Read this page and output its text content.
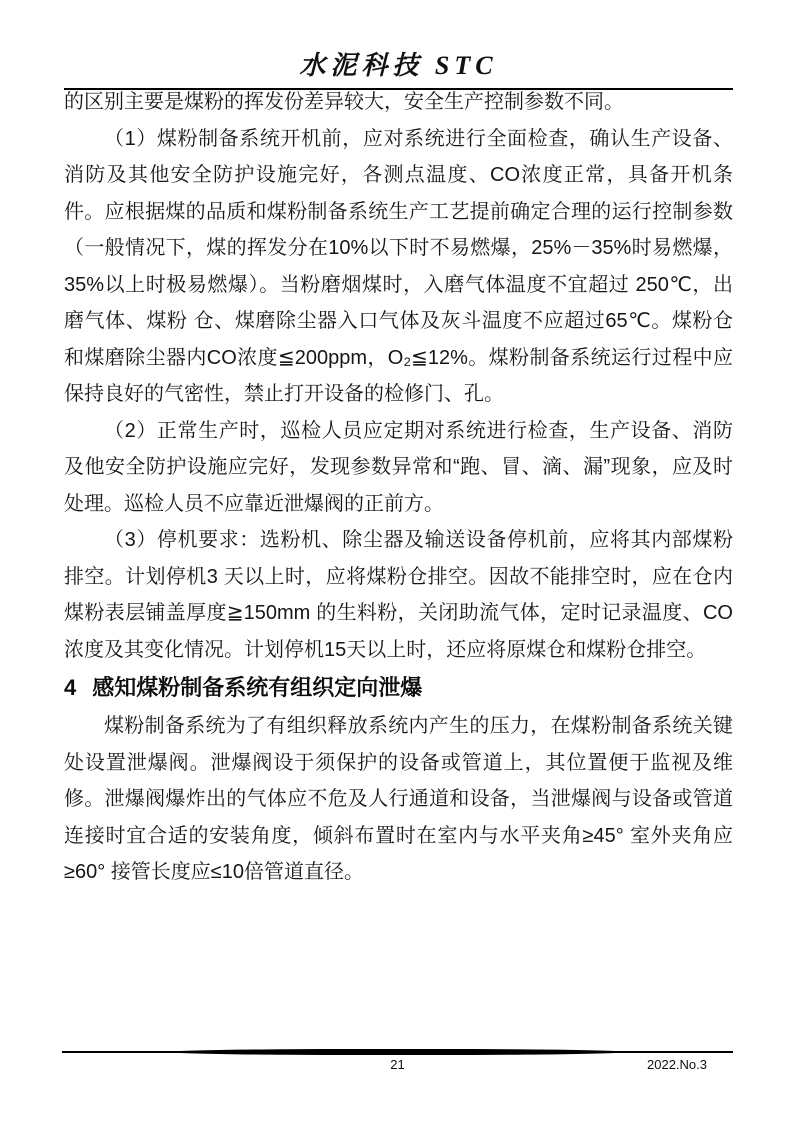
水泥科技 STC

的区别主要是煤粉的挥发份差异较大，安全生产控制参数不同。

（1）煤粉制备系统开机前，应对系统进行全面检查，确认生产设备、 消防及其他安全防护设施完好，各测点温度、CO浓度正常，具备开机条件。应根据煤的品质和煤粉制备系统生产工艺提前确定合理的运行控制参数（一般情况下，煤的挥发分在10%以下时不易燃爆，25%－35%时易燃爆，35%以上时极易燃爆）。当粉磨烟煤时，入磨气体温度不宜超过 250℃，出磨气体、煤粉 仓、煤磨除尘器入口气体及灰斗温度不应超过65℃。煤粉仓和煤磨除尘器内CO浓度≦200ppm，O₂≦12%。煤粉制备系统运行过程中应保持良好的气密性，禁止打开设备的检修门、孔。

（2）正常生产时，巡检人员应定期对系统进行检查，生产设备、消防及他安全防护设施应完好，发现参数异常和“跑、冒、滴、漏”现象，应及时处理。巡检人员不应靠近泄爆阀的正前方。

（3）停机要求：选粉机、除尘器及输送设备停机前，应将其内部煤粉排空。计划停机3 天以上时，应将煤粉仓排空。因故不能排空时，应在仓内煤粉表层铺盖厚度≧150mm 的生料粉，关闭助流气体，定时记录温度、CO浓度及其变化情况。计划停机15天以上时，还应将原煤仓和煤粉仓排空。

4 感知煤粉制备系统有组织定向泄爆

煤粉制备系统为了有组织释放系统内产生的压力，在煤粉制备系统关键处设置泄爆阀。泄爆阀设于须保护的设备或管道上，其位置便于监视及维修。泄爆阀爆炸出的气体应不危及人行通道和设备，当泄爆阀与设备或管道连接时宜合适的安装角度，倾斜布置时在室内与水平夹角≥45° 室外夹角应≥60° 接管长度应≤10倍管道直径。

21	2022.No.3
